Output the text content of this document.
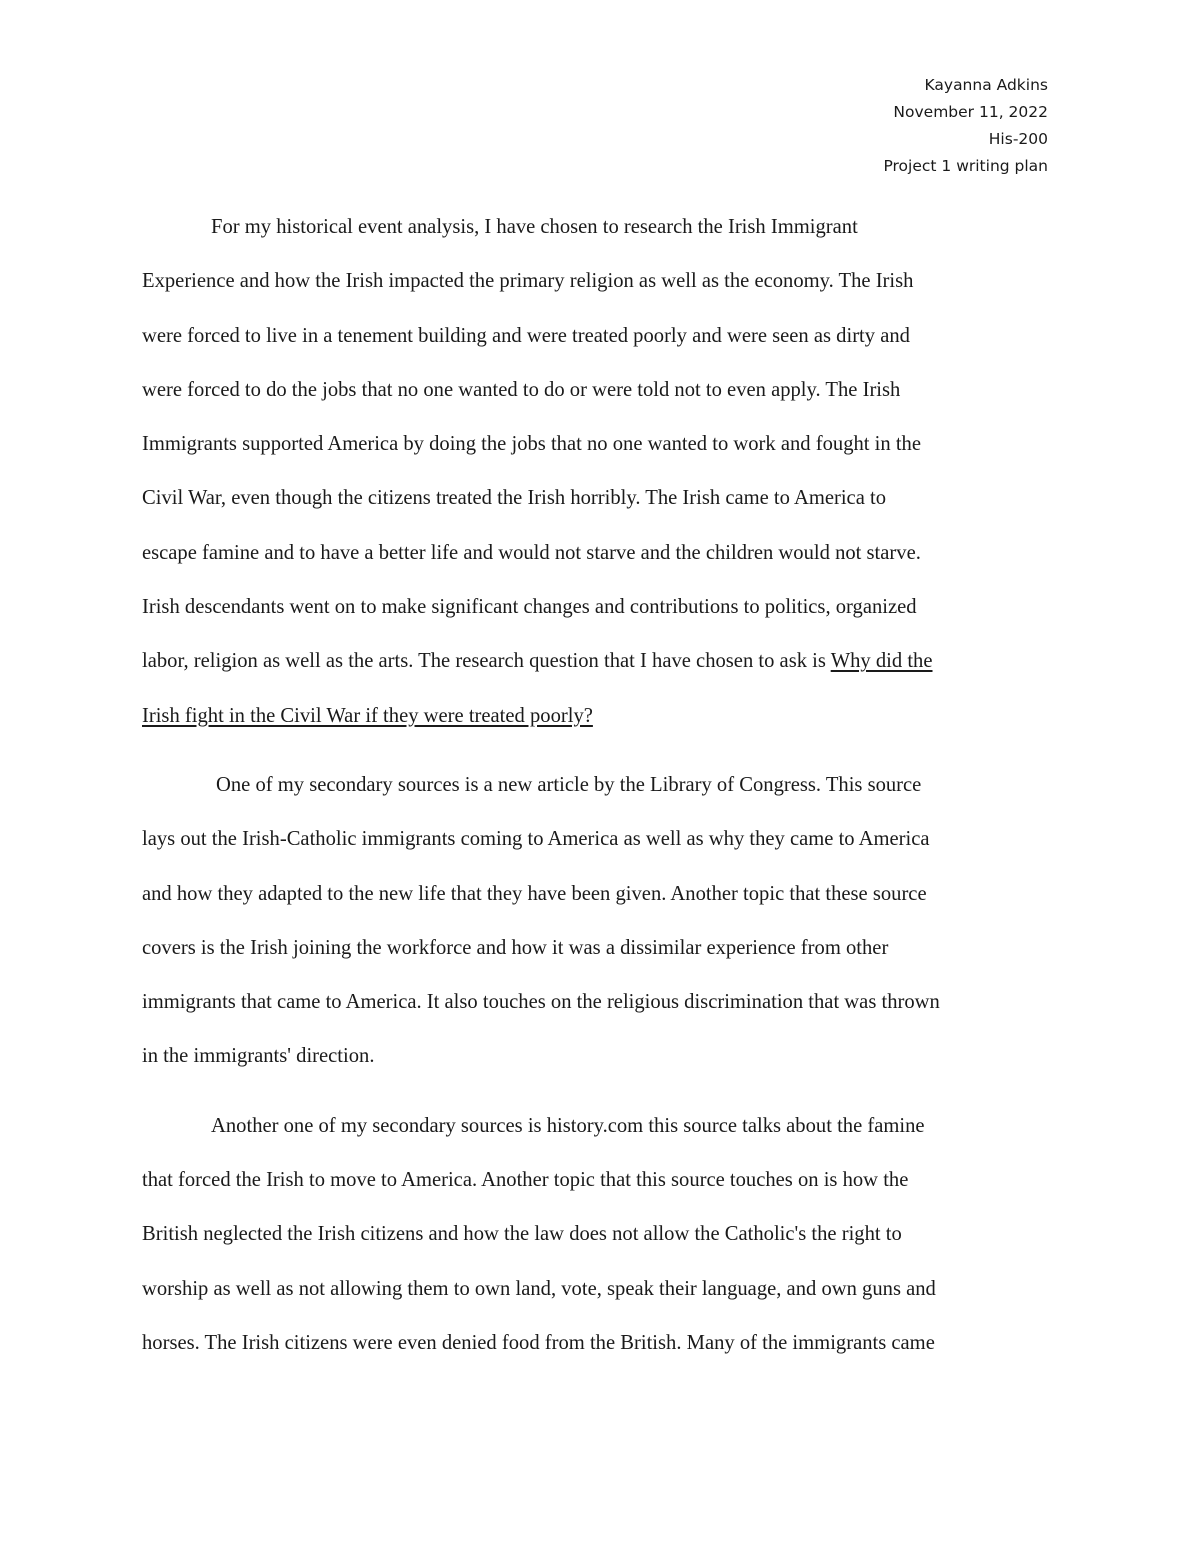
Kayanna Adkins
November 11, 2022
His-200
Project 1 writing plan
For my historical event analysis, I have chosen to research the Irish Immigrant
Experience and how the Irish impacted the primary religion as well as the economy. The Irish
were forced to live in a tenement building and were treated poorly and were seen as dirty and
were forced to do the jobs that no one wanted to do or were told not to even apply. The Irish
Immigrants supported America by doing the jobs that no one wanted to work and fought in the
Civil War, even though the citizens treated the Irish horribly. The Irish came to America to
escape famine and to have a better life and would not starve and the children would not starve.
Irish descendants went on to make significant changes and contributions to politics, organized
labor, religion as well as the arts. The research question that I have chosen to ask is Why did the
Irish fight in the Civil War if they were treated poorly?
One of my secondary sources is a new article by the Library of Congress. This source
lays out the Irish-Catholic immigrants coming to America as well as why they came to America
and how they adapted to the new life that they have been given. Another topic that these source
covers is the Irish joining the workforce and how it was a dissimilar experience from other
immigrants that came to America. It also touches on the religious discrimination that was thrown
in the immigrants' direction.
Another one of my secondary sources is history.com this source talks about the famine
that forced the Irish to move to America. Another topic that this source touches on is how the
British neglected the Irish citizens and how the law does not allow the Catholic's the right to
worship as well as not allowing them to own land, vote, speak their language, and own guns and
horses. The Irish citizens were even denied food from the British. Many of the immigrants came
